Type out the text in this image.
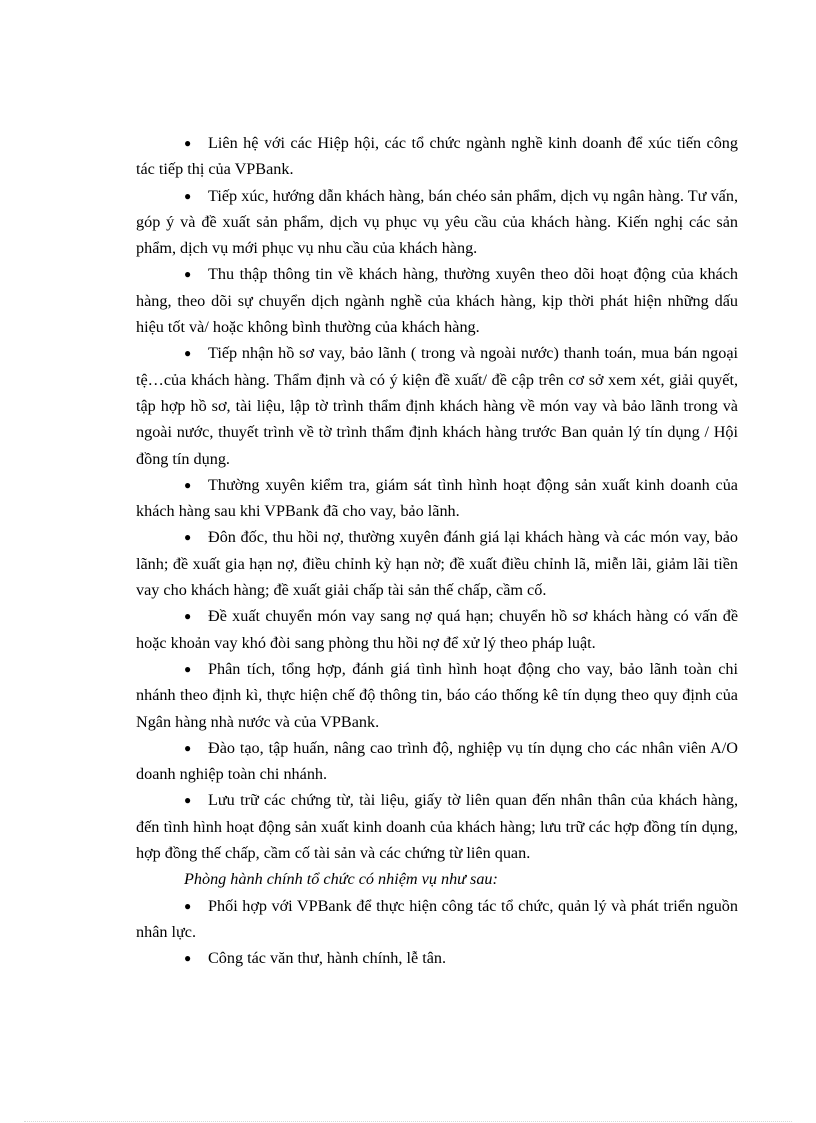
● Liên hệ với các Hiệp hội, các tổ chức ngành nghề kinh doanh để xúc tiến công tác tiếp thị của VPBank.

● Tiếp xúc, hướng dẫn khách hàng, bán chéo sản phẩm, dịch vụ ngân hàng. Tư vấn, góp ý và đề xuất sản phẩm, dịch vụ phục vụ yêu cầu của khách hàng. Kiến nghị các sản phẩm, dịch vụ mới phục vụ nhu cầu của khách hàng.

● Thu thập thông tin về khách hàng, thường xuyên theo dõi hoạt động của khách hàng, theo dõi sự chuyển dịch ngành nghề của khách hàng, kịp thời phát hiện những dấu hiệu tốt và/ hoặc không bình thường của khách hàng.

● Tiếp nhận hồ sơ vay, bảo lãnh ( trong và ngoài nước) thanh toán, mua bán ngoại tệ…của khách hàng. Thẩm định và có ý kiện đề xuất/ đề cập trên cơ sở xem xét, giải quyết, tập hợp hồ sơ, tài liệu, lập tờ trình thẩm định khách hàng về món vay và bảo lãnh trong và ngoài nước, thuyết trình về tờ trình thẩm định khách hàng trước Ban quản lý tín dụng / Hội đồng tín dụng.

● Thường xuyên kiểm tra, giám sát tình hình hoạt động sản xuất kinh doanh của khách hàng sau khi VPBank đã cho vay, bảo lãnh.

● Đôn đốc, thu hồi nợ, thường xuyên đánh giá lại khách hàng và các món vay, bảo lãnh; đề xuất gia hạn nợ, điều chỉnh kỳ hạn nờ; đề xuất điều chỉnh lã, miễn lãi, giảm lãi tiền vay cho khách hàng; đề xuất giải chấp tài sản thế chấp, cầm cố.

● Đề xuất chuyển món vay sang nợ quá hạn; chuyển hồ sơ khách hàng có vấn đề hoặc khoản vay khó đòi sang phòng thu hồi nợ để xử lý theo pháp luật.

● Phân tích, tổng hợp, đánh giá tình hình hoạt động cho vay, bảo lãnh toàn chi nhánh theo định kì, thực hiện chế độ thông tin, báo cáo thống kê tín dụng theo quy định của Ngân hàng nhà nước và của VPBank.

● Đào tạo, tập huấn, nâng cao trình độ, nghiệp vụ tín dụng cho các nhân viên A/O doanh nghiệp toàn chi nhánh.

● Lưu trữ các chứng từ, tài liệu, giấy tờ liên quan đến nhân thân của khách hàng, đến tình hình hoạt động sản xuất kinh doanh của khách hàng; lưu trữ các hợp đồng tín dụng, hợp đồng thế chấp, cầm cố tài sản và các chứng từ liên quan.

Phòng hành chính tổ chức có nhiệm vụ như sau:

● Phối hợp với VPBank để thực hiện công tác tổ chức, quản lý và phát triển nguồn nhân lực.

● Công tác văn thư, hành chính, lễ tân.
